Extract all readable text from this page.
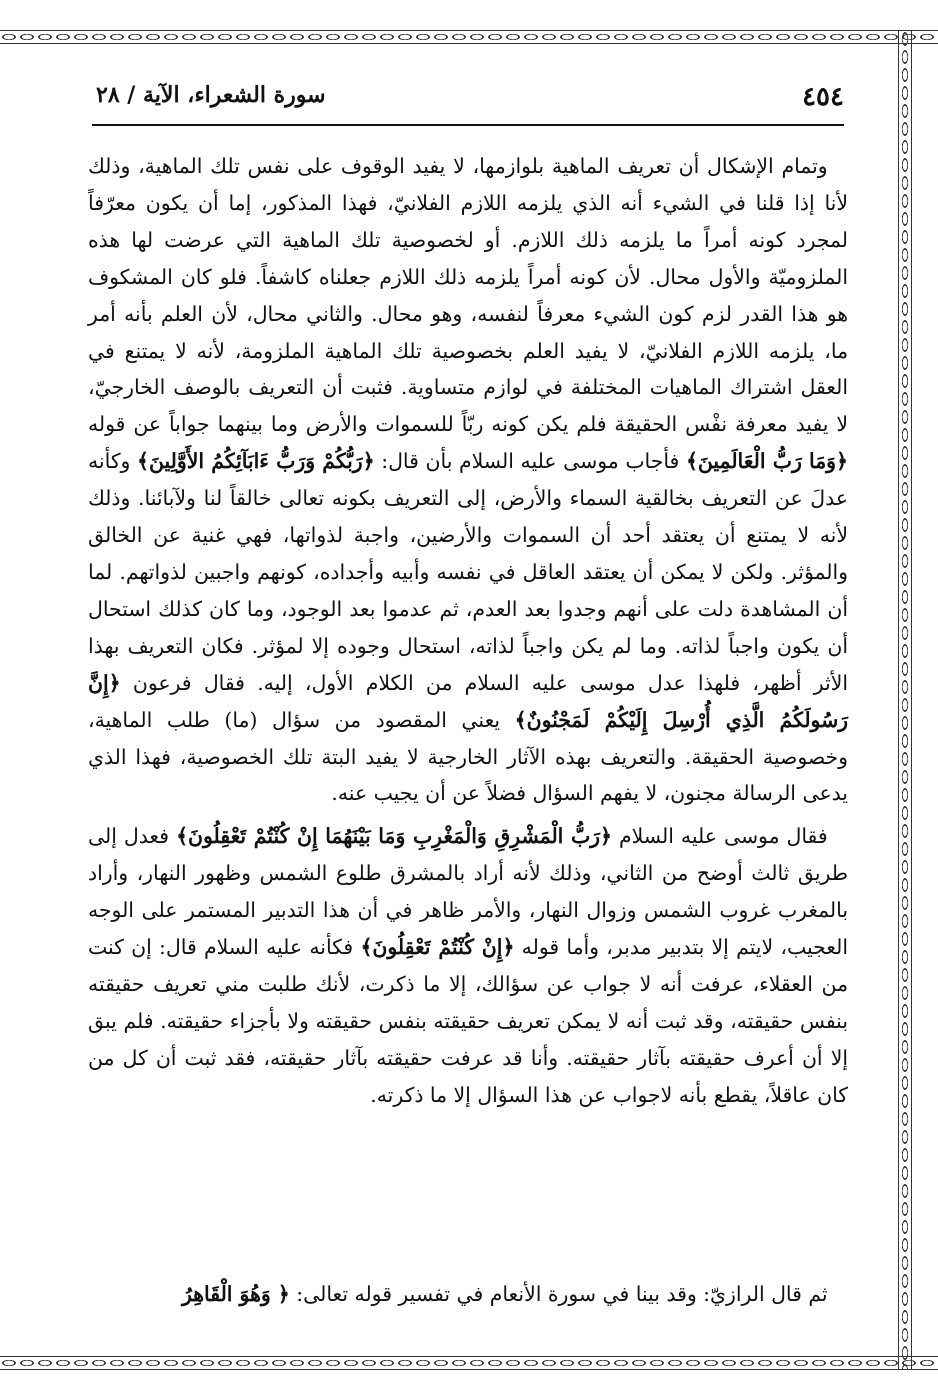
٤٥٤
سورة الشعراء، الآية / ٢٨

 وتمام الإشكال أن تعريف الماهية بلوازمها، لا يفيد الوقوف على نفس تلك الماهية، وذلك لأنا إذا قلنا في الشيء أنه الذي يلزمه اللازم الفلانيّ، فهذا المذكور، إما أن يكون معرّفاً لمجرد كونه أمراً ما يلزمه ذلك اللازم. أو لخصوصية تلك الماهية التي عرضت لها هذه الملزوميّة والأول محال. لأن كونه أمراً يلزمه ذلك اللازم جعلناه كاشفاً. فلو كان المشكوف هو هذا القدر لزم كون الشيء معرفاً لنفسه، وهو محال. والثاني محال، لأن العلم بأنه أمر ما، يلزمه اللازم الفلانيّ، لا يفيد العلم بخصوصية تلك الماهية الملزومة، لأنه لا يمتنع في العقل اشتراك الماهيات المختلفة في لوازم متساوية. فثبت أن التعريف بالوصف الخارجيّ، لا يفيد معرفة نفْس الحقيقة فلم يكن كونه ربّاً للسموات والأرض وما بينهما جواباً عن قوله ﴿وَمَا رَبُّ الْعَالَمِينَ﴾ فأجاب موسى عليه السلام بأن قال: ﴿رَبُّكُمْ وَرَبُّ ءَابَآئِكُمُ الأَوَّلِينَ﴾ وكأنه عدلَ عن التعريف بخالقية السماء والأرض، إلى التعريف بكونه تعالى خالقاً لنا ولآبائنا. وذلك لأنه لا يمتنع أن يعتقد أحد أن السموات والأرضين، واجبة لذواتها، فهي غنية عن الخالق والمؤثر. ولكن لا يمكن أن يعتقد العاقل في نفسه وأبيه وأجداده، كونهم واجبين لذواتهم. لما أن المشاهدة دلت على أنهم وجدوا بعد العدم، ثم عدموا بعد الوجود، وما كان كذلك استحال أن يكون واجباً لذاته. وما لم يكن واجباً لذاته، استحال وجوده إلا لمؤثر. فكان التعريف بهذا الأثر أظهر، فلهذا عدل موسى عليه السلام من الكلام الأول، إليه. فقال فرعون ﴿إِنَّ رَسُولَكُمُ الَّذِي أُرْسِلَ إِلَيْكُمْ لَمَجْنُونٌ﴾ يعني المقصود من سؤال (ما) طلب الماهية، وخصوصية الحقيقة. والتعريف بهذه الآثار الخارجية لا يفيد البتة تلك الخصوصية، فهذا الذي يدعى الرسالة مجنون، لا يفهم السؤال فضلاً عن أن يجيب عنه.

 فقال موسى عليه السلام ﴿رَبُّ الْمَشْرِقِ وَالْمَغْرِبِ وَمَا بَيْنَهُمَا إِنْ كُنْتُمْ تَعْقِلُونَ﴾ فعدل إلى طريق ثالث أوضح من الثاني، وذلك لأنه أراد بالمشرق طلوع الشمس وظهور النهار، وأراد بالمغرب غروب الشمس وزوال النهار، والأمر ظاهر في أن هذا التدبير المستمر على الوجه العجيب، لايتم إلا بتدبير مدبر، وأما قوله ﴿إِنْ كُنْتُمْ تَعْقِلُونَ﴾ فكأنه عليه السلام قال: إن كنت من العقلاء، عرفت أنه لا جواب عن سؤالك، إلا ما ذكرت، لأنك طلبت مني تعريف حقيقته بنفس حقيقته، وقد ثبت أنه لا يمكن تعريف حقيقته بنفس حقيقته ولا بأجزاء حقيقته. فلم يبق إلا أن أعرف حقيقته بآثار حقيقته. وأنا قد عرفت حقيقته بآثار حقيقته، فقد ثبت أن كل من كان عاقلاً، يقطع بأنه لاجواب عن هذا السؤال إلا ما ذكرته.

 ثم قال الرازيّ: وقد بينا في سورة الأنعام في تفسير قوله تعالى: ﴿ وَهُوَ الْقَاهِرُ
